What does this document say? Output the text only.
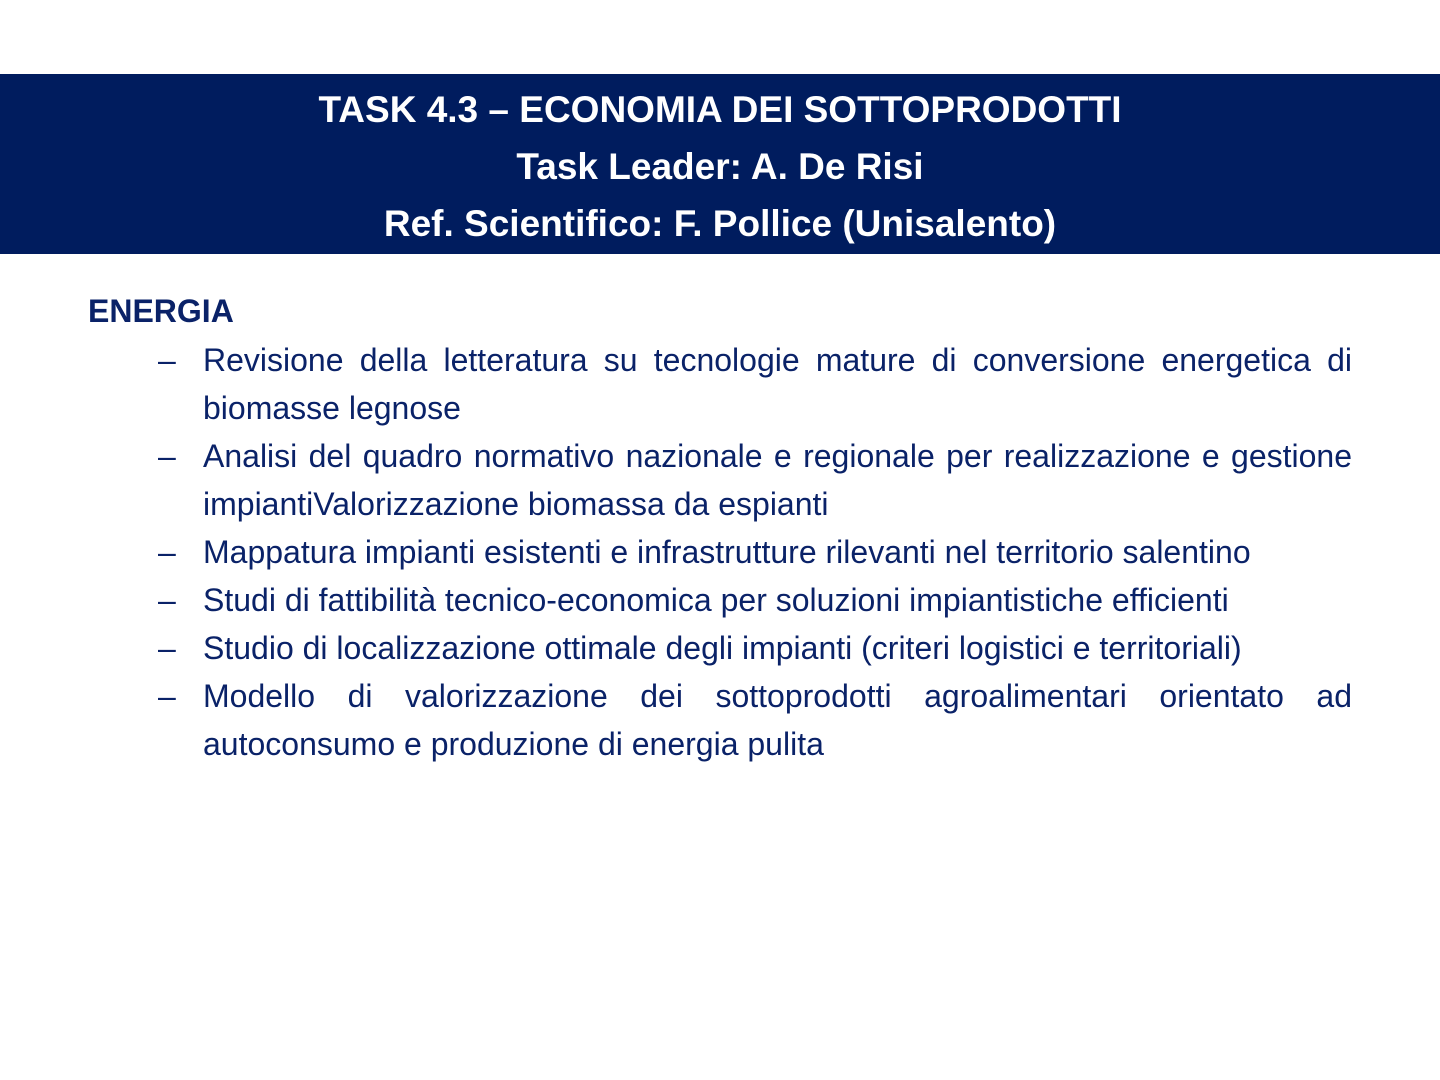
TASK 4.3 – ECONOMIA DEI SOTTOPRODOTTI
Task Leader: A. De Risi
Ref. Scientifico: F. Pollice (Unisalento)
ENERGIA
– Revisione della letteratura su tecnologie mature di conversione energetica di biomasse legnose
– Analisi del quadro normativo nazionale e regionale per realizzazione e gestione impiantiValorizzazione biomassa da espianti
– Mappatura impianti esistenti e infrastrutture rilevanti nel territorio salentino
– Studi di fattibilità tecnico-economica per soluzioni impiantistiche efficienti
– Studio di localizzazione ottimale degli impianti (criteri logistici e territoriali)
– Modello di valorizzazione dei sottoprodotti agroalimentari orientato ad autoconsumo e produzione di energia pulita
